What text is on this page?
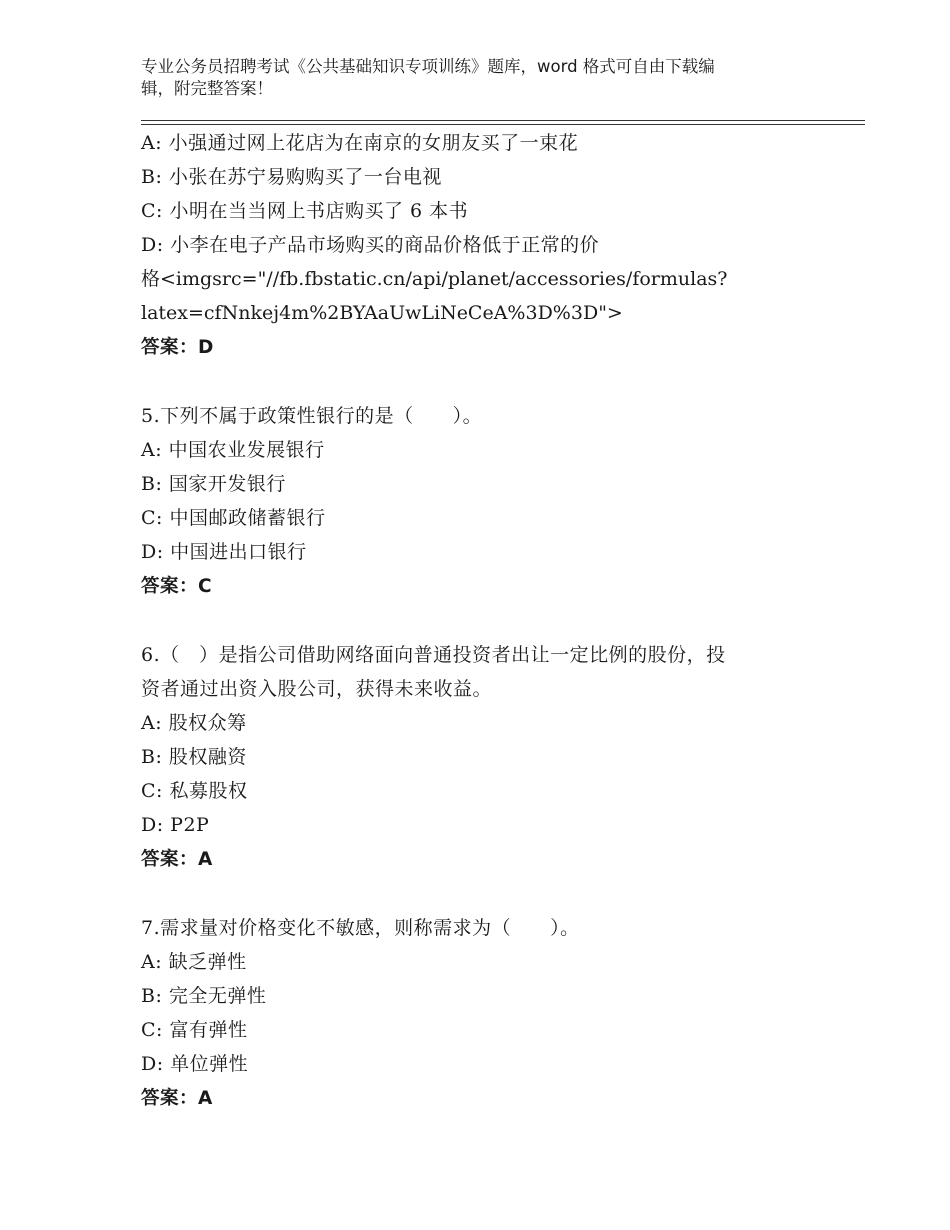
专业公务员招聘考试《公共基础知识专项训练》题库，word 格式可自由下载编
辑，附完整答案！
A: 小强通过网上花店为在南京的女朋友买了一束花
B: 小张在苏宁易购购买了一台电视
C: 小明在当当网上书店购买了 6 本书
D: 小李在电子产品市场购买的商品价格低于正常的价
格<imgsrc="//fb.fbstatic.cn/api/planet/accessories/formulas?
latex=cfNnkej4m%2BYAaUwLiNeCeA%3D%3D">
答案：D
5.下列不属于政策性银行的是（　　）。
A: 中国农业发展银行
B: 国家开发银行
C: 中国邮政储蓄银行
D: 中国进出口银行
答案：C
6.（　）是指公司借助网络面向普通投资者出让一定比例的股份，投
资者通过出资入股公司，获得未来收益。
A: 股权众筹
B: 股权融资
C: 私募股权
D: P2P
答案：A
7.需求量对价格变化不敏感，则称需求为（　　）。
A: 缺乏弹性
B: 完全无弹性
C: 富有弹性
D: 单位弹性
答案：A
